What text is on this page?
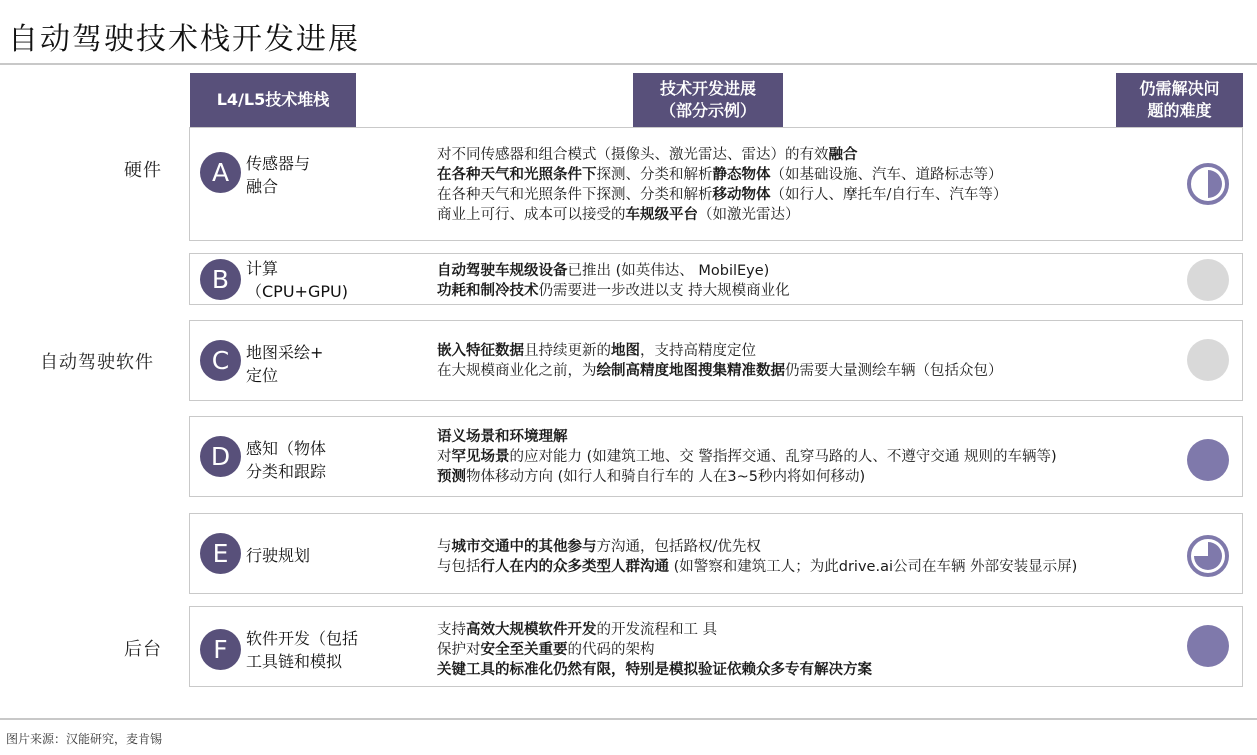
自动驾驶技术栈开发进展
L4/L5技术堆栈
技术开发进展
（部分示例）
仍需解决问
题的难度
硬件
自动驾驶软件
后台
A	传感器与
融合
对不同传感器和组合模式（摄像头、激光雷达、雷达）的有效融合
在各种天气和光照条件下探测、分类和解析静态物体（如基础设施、汽车、道路标志等）
在各种天气和光照条件下探测、分类和解析移动物体（如行人、摩托车/自行车、汽车等）
商业上可行、成本可以接受的车规级平台（如激光雷达）
B	计算
（CPU+GPU)
自动驾驶车规级设备已推出 (如英伟达、 MobilEye)
功耗和制冷技术仍需要进一步改进以支 持大规模商业化
C	地图采绘+
定位
嵌入特征数据且持续更新的地图，支持高精度定位
在大规模商业化之前，为绘制高精度地图搜集精准数据仍需要大量测绘车辆（包括众包）
D 感知（物体
分类和跟踪
语义场景和环境理解
对罕见场景的应对能力 (如建筑工地、交 警指挥交通、乱穿马路的人、不遵守交通 规则的车辆等)
预测物体移动方向 (如行人和骑自行车的 人在3~5秒内将如何移动)
E	行驶规划	与城市交通中的其他参与方沟通，包括路权/优先权
与包括行人在内的众多类型人群沟通 (如警察和建筑工人；为此drive.ai公司在车辆 外部安装显示屏)
F	软件开发（包括
工具链和模拟
支持高效大规模软件开发的开发流程和工 具
保护对安全至关重要的代码的架构
关键工具的标准化仍然有限，特别是模拟验证依赖众多专有解决方案
图片来源：汉能研究，麦肯锡
